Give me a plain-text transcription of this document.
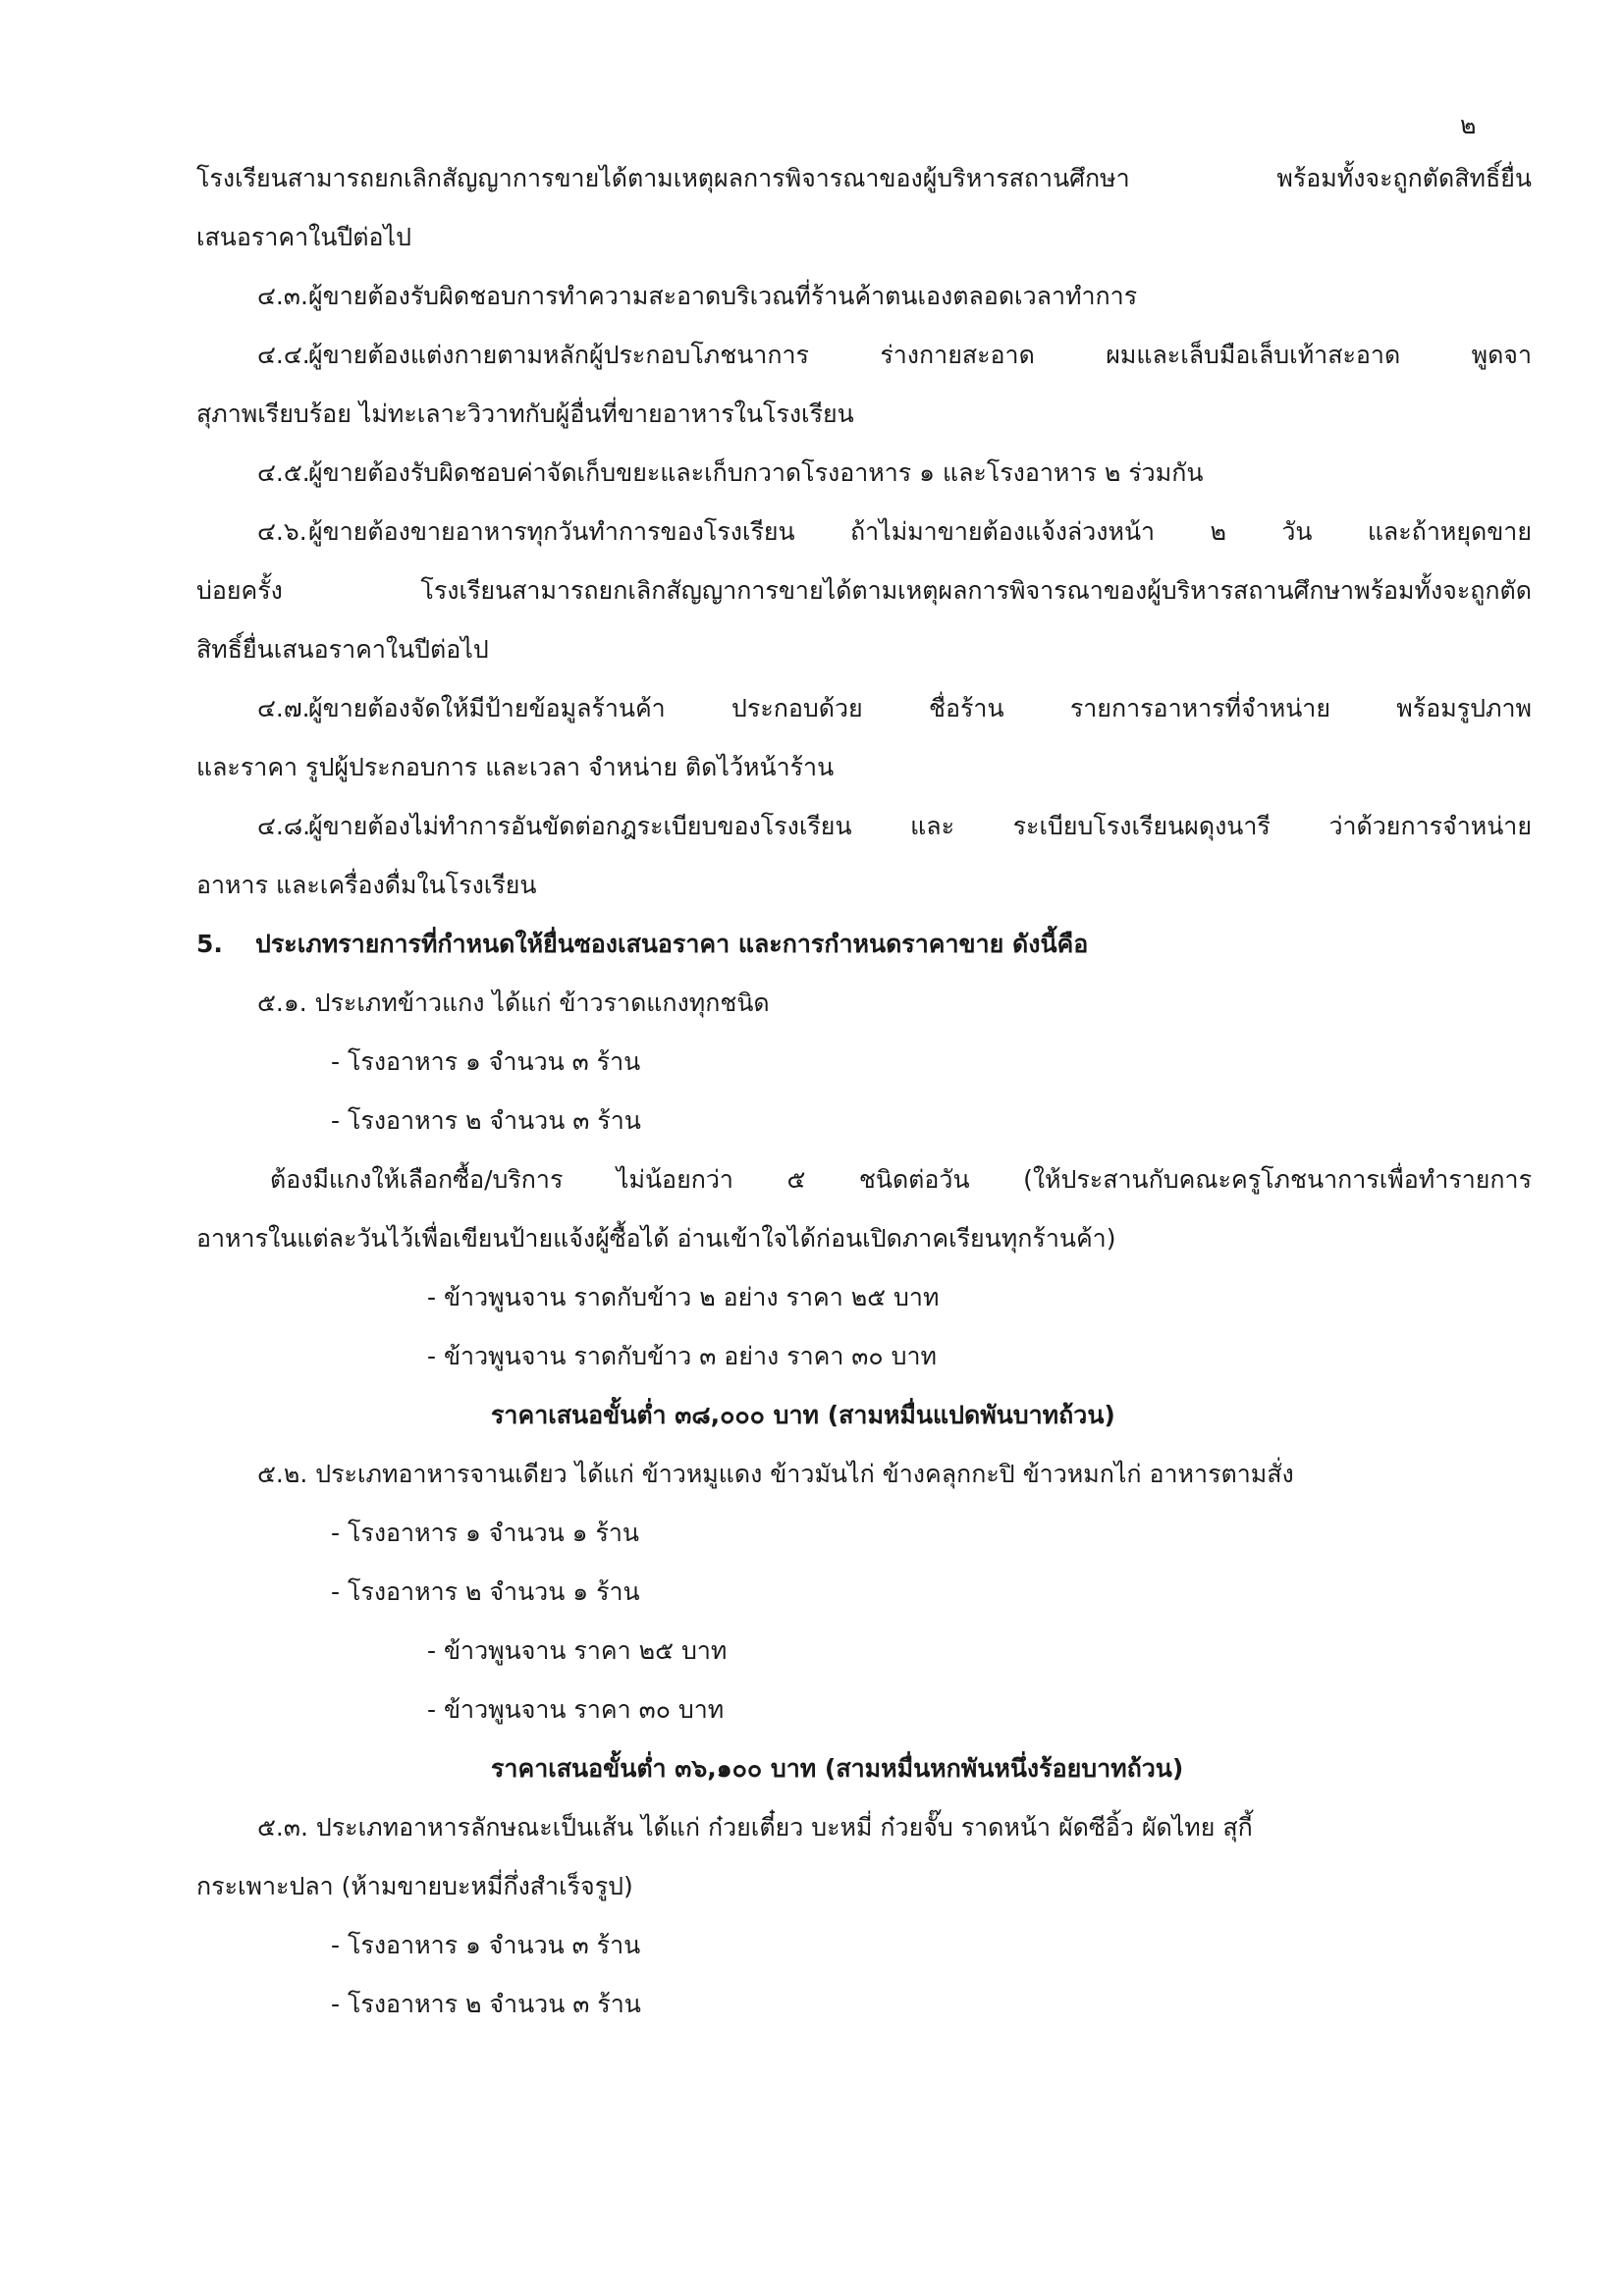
๒
โรงเรียนสามารถยกเลิกสัญญาการขายได้ตามเหตุผลการพิจารณาของผู้บริหารสถานศึกษา พร้อมทั้งจะถูกตัดสิทธิ์ยื่น
เสนอราคาในปีต่อไป
๔.๓.ผู้ขายต้องรับผิดชอบการทำความสะอาดบริเวณที่ร้านค้าตนเองตลอดเวลาทำการ
๔.๔.ผู้ขายต้องแต่งกายตามหลักผู้ประกอบโภชนาการ ร่างกายสะอาด ผมและเล็บมือเล็บเท้าสะอาด พูดจา
สุภาพเรียบร้อย ไม่ทะเลาะวิวาทกับผู้อื่นที่ขายอาหารในโรงเรียน
๔.๕.ผู้ขายต้องรับผิดชอบค่าจัดเก็บขยะและเก็บกวาดโรงอาหาร ๑ และโรงอาหาร ๒ ร่วมกัน
๔.๖.ผู้ขายต้องขายอาหารทุกวันทำการของโรงเรียน ถ้าไม่มาขายต้องแจ้งล่วงหน้า ๒ วัน และถ้าหยุดขาย
บ่อยครั้ง โรงเรียนสามารถยกเลิกสัญญาการขายได้ตามเหตุผลการพิจารณาของผู้บริหารสถานศึกษาพร้อมทั้งจะถูกตัด
สิทธิ์ยื่นเสนอราคาในปีต่อไป
๔.๗.ผู้ขายต้องจัดให้มีป้ายข้อมูลร้านค้า ประกอบด้วย ชื่อร้าน รายการอาหารที่จำหน่าย พร้อมรูปภาพ
และราคา รูปผู้ประกอบการ และเวลา จำหน่าย ติดไว้หน้าร้าน
๔.๘.ผู้ขายต้องไม่ทำการอันขัดต่อกฎระเบียบของโรงเรียน และ ระเบียบโรงเรียนผดุงนารี ว่าด้วยการจำหน่าย
อาหาร และเครื่องดื่มในโรงเรียน
5. ประเภทรายการที่กำหนดให้ยื่นซองเสนอราคา และการกำหนดราคาขาย ดังนี้คือ
๕.๑. ประเภทข้าวแกง ได้แก่ ข้าวราดแกงทุกชนิด
- โรงอาหาร ๑ จำนวน ๓ ร้าน
- โรงอาหาร ๒ จำนวน ๓ ร้าน
ต้องมีแกงให้เลือกซื้อ/บริการ ไม่น้อยกว่า ๕ ชนิดต่อวัน (ให้ประสานกับคณะครูโภชนาการเพื่อทำรายการ
อาหารในแต่ละวันไว้เพื่อเขียนป้ายแจ้งผู้ซื้อได้ อ่านเข้าใจได้ก่อนเปิดภาคเรียนทุกร้านค้า)
- ข้าวพูนจาน ราดกับข้าว ๒ อย่าง ราคา ๒๕ บาท
- ข้าวพูนจาน ราดกับข้าว ๓ อย่าง ราคา ๓๐ บาท
ราคาเสนอขั้นต่ำ ๓๘,๐๐๐ บาท (สามหมื่นแปดพันบาทถ้วน)
๕.๒. ประเภทอาหารจานเดียว ได้แก่ ข้าวหมูแดง ข้าวมันไก่ ข้างคลุกกะปิ ข้าวหมกไก่ อาหารตามสั่ง
- โรงอาหาร ๑ จำนวน ๑ ร้าน
- โรงอาหาร ๒ จำนวน ๑ ร้าน
- ข้าวพูนจาน ราคา ๒๕ บาท
- ข้าวพูนจาน ราคา ๓๐ บาท
ราคาเสนอขั้นต่ำ ๓๖,๑๐๐ บาท (สามหมื่นหกพันหนึ่งร้อยบาทถ้วน)
๕.๓. ประเภทอาหารลักษณะเป็นเส้น ได้แก่ ก๋วยเตี๋ยว บะหมี่ ก๋วยจั๊บ ราดหน้า ผัดซีอิ้ว ผัดไทย สุกี้
กระเพาะปลา (ห้ามขายบะหมี่กึ่งสำเร็จรูป)
- โรงอาหาร ๑ จำนวน ๓ ร้าน
- โรงอาหาร ๒ จำนวน ๓ ร้าน
